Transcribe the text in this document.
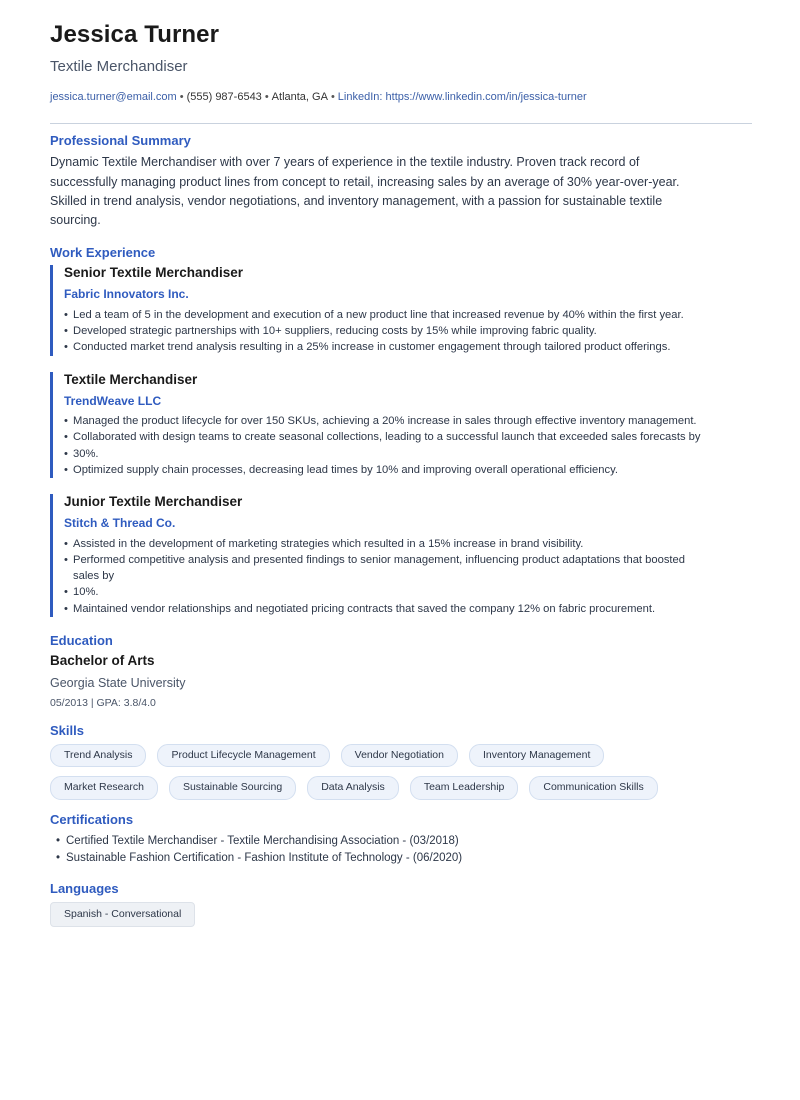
Jessica Turner
Textile Merchandiser
jessica.turner@email.com • (555) 987-6543 • Atlanta, GA • LinkedIn: https://www.linkedin.com/in/jessica-turner
Professional Summary

Dynamic Textile Merchandiser with over 7 years of experience in the textile industry. Proven track record of successfully managing product lines from concept to retail, increasing sales by an average of 30% year-over-year. Skilled in trend analysis, vendor negotiations, and inventory management, with a passion for sustainable textile sourcing.

Work Experience
Senior Textile Merchandiser
Fabric Innovators Inc.
• Led a team of 5 in the development and execution of a new product line that increased revenue by 40% within the first year.
• Developed strategic partnerships with 10+ suppliers, reducing costs by 15% while improving fabric quality.
• Conducted market trend analysis resulting in a 25% increase in customer engagement through tailored product offerings.
Textile Merchandiser
TrendWeave LLC
• Managed the product lifecycle for over 150 SKUs, achieving a 20% increase in sales through effective inventory management.
• Collaborated with design teams to create seasonal collections, leading to a successful launch that exceeded sales forecasts by
• 30%.
• Optimized supply chain processes, decreasing lead times by 10% and improving overall operational efficiency.
Junior Textile Merchandiser
Stitch & Thread Co.
• Assisted in the development of marketing strategies which resulted in a 15% increase in brand visibility.
• Performed competitive analysis and presented findings to senior management, influencing product adaptations that boosted sales by
• 10%.
• Maintained vendor relationships and negotiated pricing contracts that saved the company 12% on fabric procurement.
Education
Bachelor of Arts
Georgia State University
05/2013 | GPA: 3.8/4.0
Skills
Trend Analysis	Product Lifecycle Management	Vendor Negotiation	Inventory Management
Market Research	Sustainable Sourcing	Data Analysis	Team Leadership	Communication Skills
Certifications
• Certified Textile Merchandiser - Textile Merchandising Association - (03/2018)
• Sustainable Fashion Certification - Fashion Institute of Technology - (06/2020)
Languages
Spanish - Conversational
